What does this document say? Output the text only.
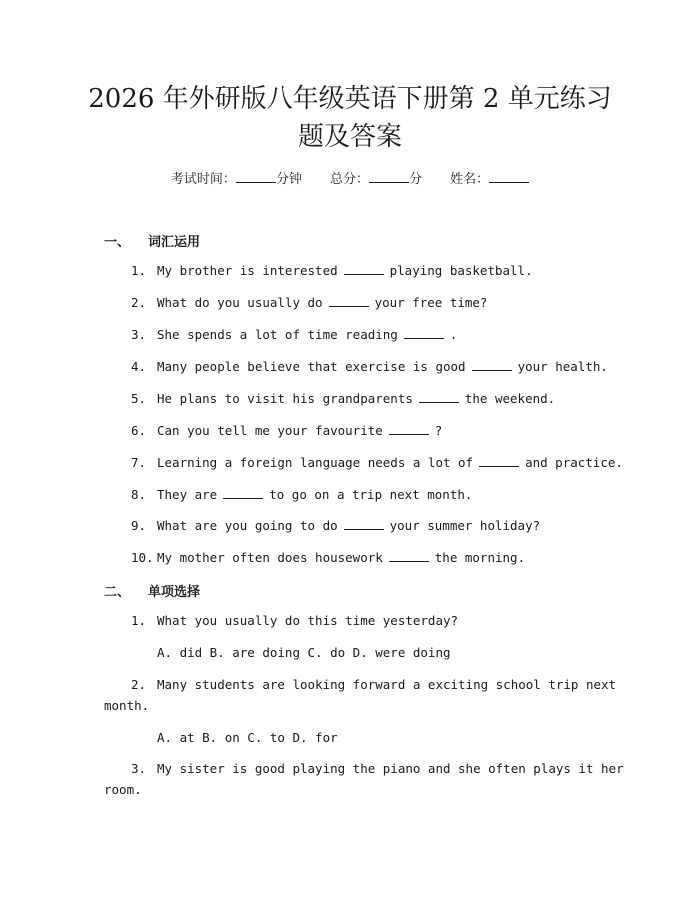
2026 年外研版八年级英语下册第 2 单元练习
题及答案
考试时间：	分钟 总分：	分 姓名：
一、 词汇运用
1. My brother is interested	playing basketball.
2. What do you usually do	your free time?
3. She spends a lot of time reading	.
4. Many people believe that exercise is good	your health.
5. He plans to visit his grandparents	the weekend.
6. Can you tell me your favourite	?
7. Learning a foreign language needs a lot of	and practice.
8. They are	to go on a trip next month.
9. What are you going to do	your summer holiday?
10. My mother often does housework	the morning.
二、 单项选择
1. What you usually do this time yesterday?
A. did B. are doing C. do D. were doing
2. Many students are looking forward a exciting school trip next
month.
A. at B. on C. to D. for
3. My sister is good playing the piano and she often plays it her
room.
